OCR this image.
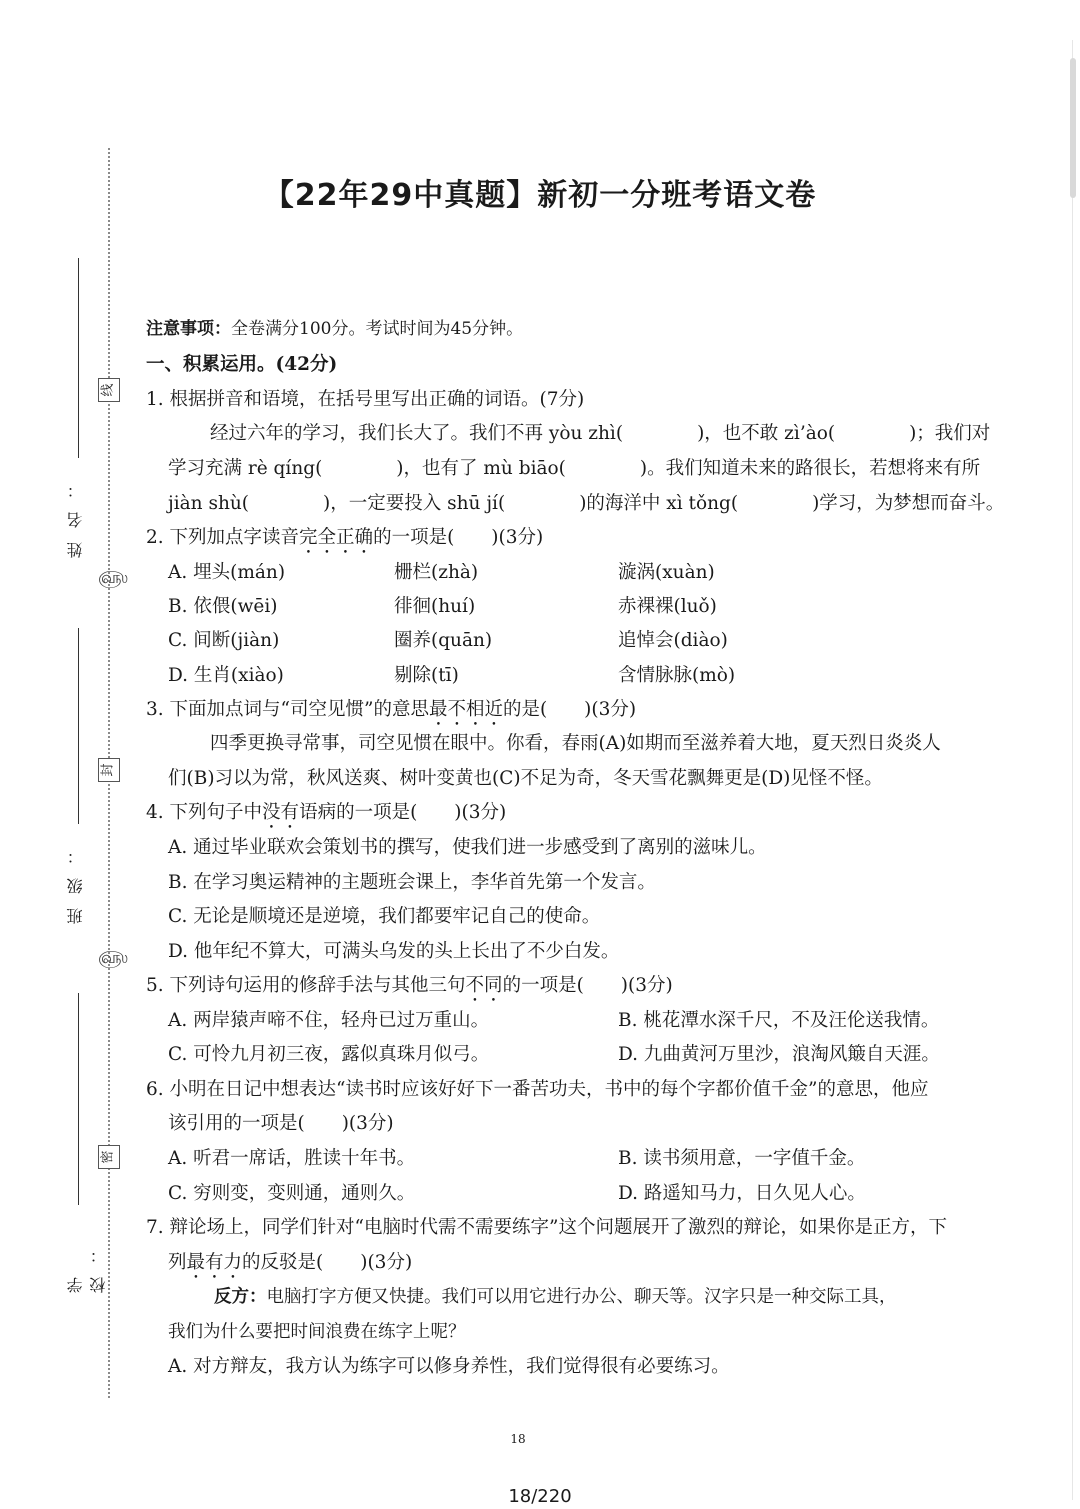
线
௵
封
௵
密
姓名：
班级：
学校：
【22年29中真题】新初一分班考语文卷
注意事项：全卷满分100分。考试时间为45分钟。
一、积累运用。(42分)
1. 根据拼音和语境，在括号里写出正确的词语。(7分)
经过六年的学习，我们长大了。我们不再 yòu zhì(　　　　)，也不敢 zì’ào(　　　　)；我们对
学习充满 rè qíng(　　　　)，也有了 mù biāo(　　　　)。我们知道未来的路很长，若想将来有所
jiàn shù(　　　　)，一定要投入 shū jí(　　　　)的海洋中 xì tǒng(　　　　)学习，为梦想而奋斗。
2. 下列加点字读音完全正确的一项是(　　)(3分)
A. 埋头(mán)	栅栏(zhà)	漩涡(xuàn)
B. 依偎(wēi)	徘徊(huí)	赤裸裸(luǒ)
C. 间断(jiàn)	圈养(quān)	追悼会(diào)
D. 生肖(xiào)	剔除(tī)	含情脉脉(mò)
3. 下面加点词与“司空见惯”的意思最不相近的是(　　)(3分)
四季更换寻常事，司空见惯在眼中。你看，春雨(A)如期而至滋养着大地，夏天烈日炎炎人
们(B)习以为常，秋风送爽、树叶变黄也(C)不足为奇，冬天雪花飘舞更是(D)见怪不怪。
4. 下列句子中没有语病的一项是(　　)(3分)
A. 通过毕业联欢会策划书的撰写，使我们进一步感受到了离别的滋味儿。
B. 在学习奥运精神的主题班会课上，李华首先第一个发言。
C. 无论是顺境还是逆境，我们都要牢记自己的使命。
D. 他年纪不算大，可满头乌发的头上长出了不少白发。
5. 下列诗句运用的修辞手法与其他三句不同的一项是(　　)(3分)
A. 两岸猿声啼不住，轻舟已过万重山。	B. 桃花潭水深千尺，不及汪伦送我情。
C. 可怜九月初三夜，露似真珠月似弓。	D. 九曲黄河万里沙，浪淘风簸自天涯。
6. 小明在日记中想表达“读书时应该好好下一番苦功夫，书中的每个字都价值千金”的意思，他应
该引用的一项是(　　)(3分)
A. 听君一席话，胜读十年书。	B. 读书须用意，一字值千金。
C. 穷则变，变则通，通则久。	D. 路遥知马力，日久见人心。
7. 辩论场上，同学们针对“电脑时代需不需要练字”这个问题展开了激烈的辩论，如果你是正方，下
列最有力的反驳是(　　)(3分)
反方：电脑打字方便又快捷。我们可以用它进行办公、聊天等。汉字只是一种交际工具，
我们为什么要把时间浪费在练字上呢？
A. 对方辩友，我方认为练字可以修身养性，我们觉得很有必要练习。
18
18/220
